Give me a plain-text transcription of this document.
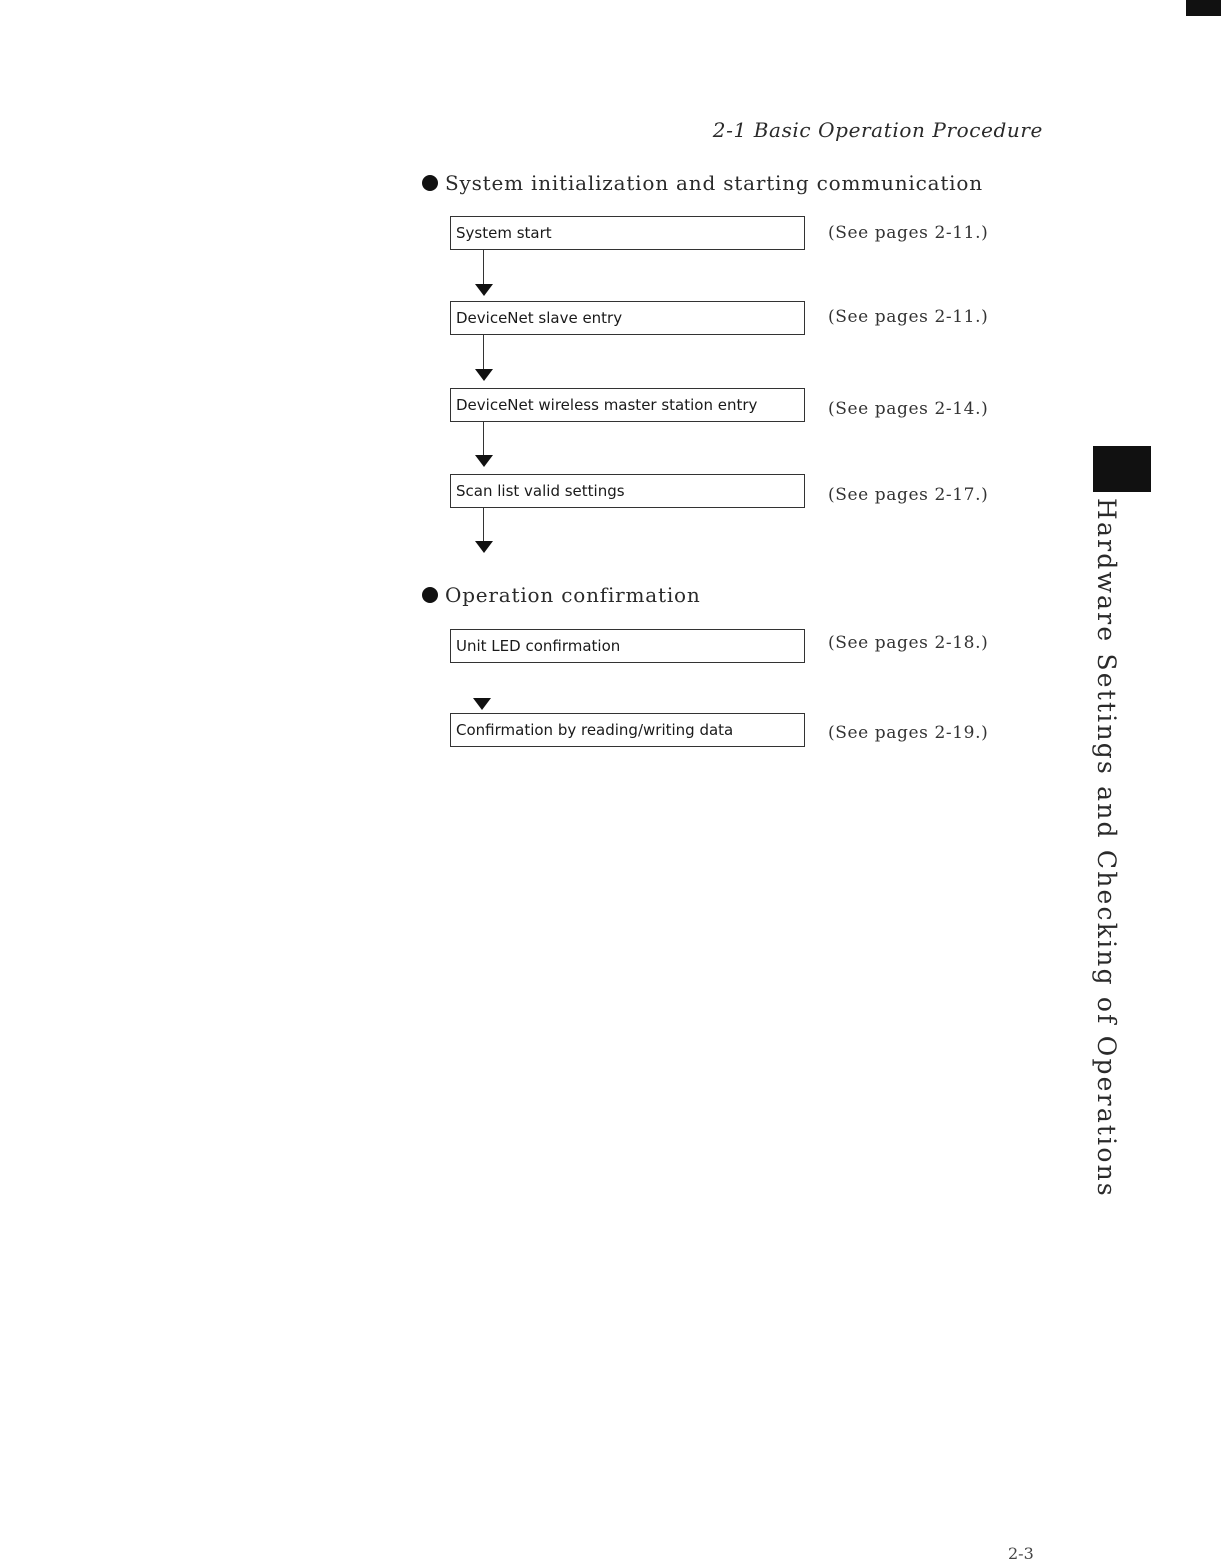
2-1 Basic Operation Procedure
System initialization and starting communication
System start	(See pages 2-11.)
DeviceNet slave entry	(See pages 2-11.)
DeviceNet wireless master station entry	(See pages 2-14.)
Scan list valid settings	(See pages 2-17.)
Operation confirmation
Unit LED confirmation	(See pages 2-18.)
Confirmation by reading/writing data	(See pages 2-19.)	Hardware Settings and Checking of Operations
2-3
